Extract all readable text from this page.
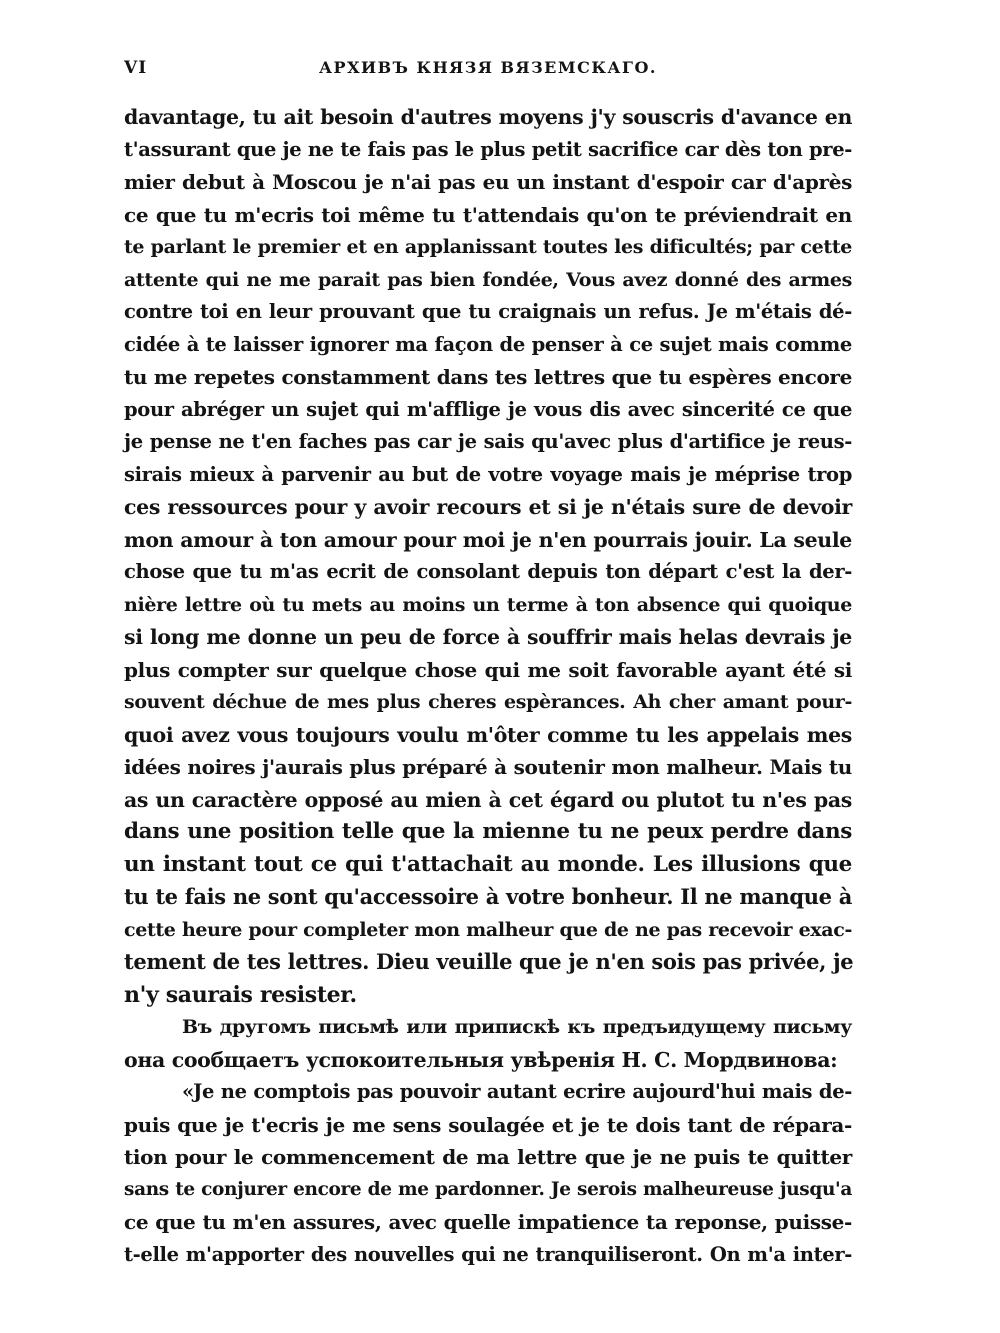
VI	АРХИВЪ КНЯЗЯ ВЯЗЕМСКАГО.
davantage, tu ait besoin d'autres moyens j'y souscris d'avance en
t'assurant que je ne te fais pas le plus petit sacrifice car dès ton pre-
mier debut à Moscou je n'ai pas eu un instant d'espoir car d'après
ce que tu m'ecris toi même tu t'attendais qu'on te préviendrait en
te parlant le premier et en applanissant toutes les dificultés; par cette
attente qui ne me parait pas bien fondée, Vous avez donné des armes
contre toi en leur prouvant que tu craignais un refus. Je m'étais dé-
cidée à te laisser ignorer ma façon de penser à ce sujet mais comme
tu me repetes constamment dans tes lettres que tu espères encore
pour abréger un sujet qui m'afflige je vous dis avec sincerité ce que
je pense ne t'en faches pas car je sais qu'avec plus d'artifice je reus-
sirais mieux à parvenir au but de votre voyage mais je méprise trop
ces ressources pour y avoir recours et si je n'étais sure de devoir
mon amour à ton amour pour moi je n'en pourrais jouir. La seule
chose que tu m'as ecrit de consolant depuis ton départ c'est la der-
nière lettre où tu mets au moins un terme à ton absence qui quoique
si long me donne un peu de force à souffrir mais helas devrais je
plus compter sur quelque chose qui me soit favorable ayant été si
souvent déchue de mes plus cheres espèrances. Ah cher amant pour-
quoi avez vous toujours voulu m'ôter comme tu les appelais mes
idées noires j'aurais plus préparé à soutenir mon malheur. Mais tu
as un caractère opposé au mien à cet égard ou plutot tu n'es pas
dans une position telle que la mienne tu ne peux perdre dans
un instant tout ce qui t'attachait au monde. Les illusions que
tu te fais ne sont qu'accessoire à votre bonheur. Il ne manque à
cette heure pour completer mon malheur que de ne pas recevoir exac-
tement de tes lettres. Dieu veuille que je n'en sois pas privée, je
n'y saurais resister.
Въ другомъ письмѣ или припискѣ къ предъидущему письму
она сообщаетъ успокоительныя увѣренія Н. С. Мордвинова:
«Je ne comptois pas pouvoir autant ecrire aujourd'hui mais de-
puis que je t'ecris je me sens soulagée et je te dois tant de répara-
tion pour le commencement de ma lettre que je ne puis te quitter
sans te conjurer encore de me pardonner. Je serois malheureuse jusqu'a
ce que tu m'en assures, avec quelle impatience ta reponse, puisse-
t-elle m'apporter des nouvelles qui ne tranquiliseront. On m'a inter-
